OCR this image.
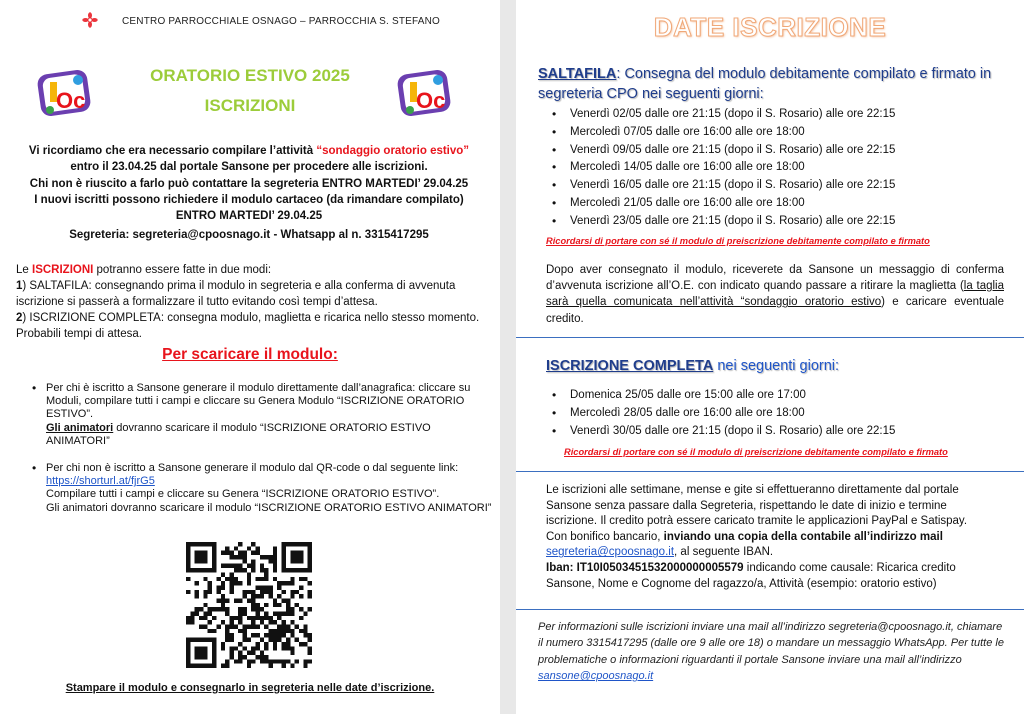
CENTRO PARROCCHIALE OSNAGO – PARROCCHIA S. STEFANO
Oc	Oc
ORATORIO ESTIVO 2025
ISCRIZIONI
Vi ricordiamo che era necessario compilare l’attività “sondaggio oratorio estivo”
entro il 23.04.25 dal portale Sansone per procedere alle iscrizioni.
Chi non è riuscito a farlo può contattare la segreteria ENTRO MARTEDI’ 29.04.25
I nuovi iscritti possono richiedere il modulo cartaceo (da rimandare compilato)
ENTRO MARTEDI’ 29.04.25
Segreteria: segreteria@cpoosnago.it - Whatsapp al n. 3315417295
Le ISCRIZIONI potranno essere fatte in due modi:
1) SALTAFILA: consegnando prima il modulo in segreteria e alla conferma di avvenuta iscrizione si passerà a formalizzare il tutto evitando così tempi d’attesa.
2) ISCRIZIONE COMPLETA: consegna modulo, maglietta e ricarica nello stesso momento. Probabili tempi di attesa.
Per scaricare il modulo:
• Per chi è iscritto a Sansone generare il modulo direttamente dall’anagrafica: cliccare su Moduli, compilare tutti i campi e cliccare su Genera Modulo “ISCRIZIONE ORATORIO ESTIVO”.
Gli animatori dovranno scaricare il modulo “ISCRIZIONE ORATORIO ESTIVO ANIMATORI”
• Per chi non è iscritto a Sansone generare il modulo dal QR-code o dal seguente link: https://shorturl.at/fjrG5
Compilare tutti i campi e cliccare su Genera “ISCRIZIONE ORATORIO ESTIVO”.
Gli animatori dovranno scaricare il modulo “ISCRIZIONE ORATORIO ESTIVO ANIMATORI”
Stampare il modulo e consegnarlo in segreteria nelle date d’iscrizione.
DATE ISCRIZIONE
SALTAFILA: Consegna del modulo debitamente compilato e firmato in segreteria CPO nei seguenti giorni:
• Venerdì 02/05 dalle ore 21:15 (dopo il S. Rosario) alle ore 22:15
• Mercoledì 07/05 dalle ore 16:00 alle ore 18:00
• Venerdì 09/05 dalle ore 21:15 (dopo il S. Rosario) alle ore 22:15
• Mercoledì 14/05 dalle ore 16:00 alle ore 18:00
• Venerdì 16/05 dalle ore 21:15 (dopo il S. Rosario) alle ore 22:15
• Mercoledì 21/05 dalle ore 16:00 alle ore 18:00
• Venerdì 23/05 dalle ore 21:15 (dopo il S. Rosario) alle ore 22:15
Ricordarsi di portare con sé il modulo di preiscrizione debitamente compilato e firmato
Dopo aver consegnato il modulo, riceverete da Sansone un messaggio di conferma d’avvenuta iscrizione all’O.E. con indicato quando passare a ritirare la maglietta (la taglia sarà quella comunicata nell’attività “sondaggio oratorio estivo) e caricare eventuale credito.
ISCRIZIONE COMPLETA nei seguenti giorni:
• Domenica 25/05 dalle ore 15:00 alle ore 17:00
• Mercoledì 28/05 dalle ore 16:00 alle ore 18:00
• Venerdì 30/05 dalle ore 21:15 (dopo il S. Rosario) alle ore 22:15
Ricordarsi di portare con sé il modulo di preiscrizione debitamente compilato e firmato
Le iscrizioni alle settimane, mense e gite si effettueranno direttamente dal portale Sansone senza passare dalla Segreteria, rispettando le date di inizio e termine iscrizione. Il credito potrà essere caricato tramite le applicazioni PayPal e Satispay.
Con bonifico bancario, inviando una copia della contabile all’indirizzo mail
segreteria@cpoosnago.it, al seguente IBAN.
Iban: IT10I0503451532000000005579 indicando come causale: Ricarica credito Sansone, Nome e Cognome del ragazzo/a, Attività (esempio: oratorio estivo)
Per informazioni sulle iscrizioni inviare una mail all’indirizzo segreteria@cpoosnago.it, chiamare il numero 3315417295 (dalle ore 9 alle ore 18) o mandare un messaggio WhatsApp. Per tutte le problematiche o informazioni riguardanti il portale Sansone inviare una mail all’indirizzo sansone@cpoosnago.it
